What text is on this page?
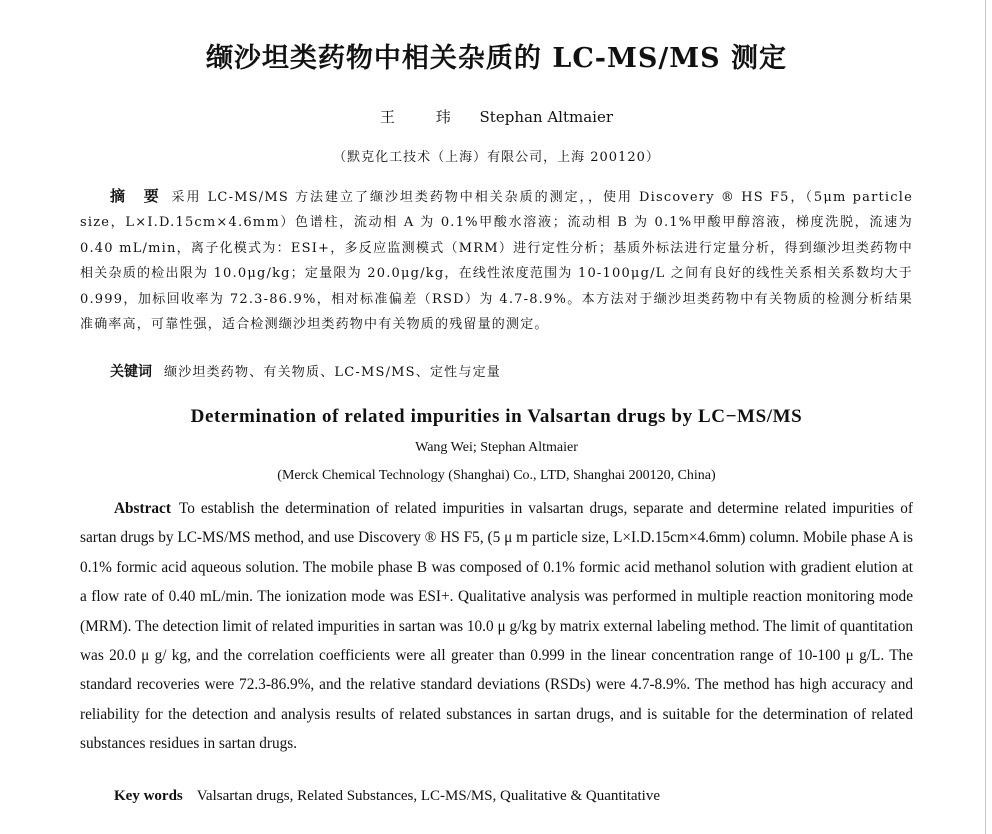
缬沙坦类药物中相关杂质的 LC-MS/MS 测定
王 玮 Stephan Altmaier
（默克化工技术（上海）有限公司，上海 200120）
摘 要 采用 LC-MS/MS 方法建立了缬沙坦类药物中相关杂质的测定，，使用 Discovery ® HS F5，（5μm particle size，L×I.D.15cm×4.6mm）色谱柱，流动相 A 为 0.1%甲酸水溶液；流动相 B 为 0.1%甲酸甲醇溶液，梯度洗脱，流速为 0.40 mL/min，离子化模式为：ESI+，多反应监测模式（MRM）进行定性分析；基质外标法进行定量分析，得到缬沙坦类药物中相关杂质的检出限为 10.0μg/kg；定量限为 20.0μg/kg，在线性浓度范围为 10-100μg/L 之间有良好的线性关系相关系数均大于 0.999，加标回收率为 72.3-86.9%，相对标准偏差（RSD）为 4.7-8.9%。本方法对于缬沙坦类药物中有关物质的检测分析结果准确率高，可靠性强，适合检测缬沙坦类药物中有关物质的残留量的测定。
关键词 缬沙坦类药物、有关物质、LC-MS/MS、定性与定量
Determination of related impurities in Valsartan drugs by LC−MS/MS
Wang Wei; Stephan Altmaier
(Merck Chemical Technology (Shanghai) Co., LTD, Shanghai 200120, China)
Abstract To establish the determination of related impurities in valsartan drugs, separate and determine related impurities of sartan drugs by LC-MS/MS method, and use Discovery ® HS F5, (5 μ m particle size, L×I.D.15cm×4.6mm) column. Mobile phase A is 0.1% formic acid aqueous solution. The mobile phase B was composed of 0.1% formic acid methanol solution with gradient elution at a flow rate of 0.40 mL/min. The ionization mode was ESI+. Qualitative analysis was performed in multiple reaction monitoring mode (MRM). The detection limit of related impurities in sartan was 10.0 μ g/kg by matrix external labeling method. The limit of quantitation was 20.0 μ g/ kg, and the correlation coefficients were all greater than 0.999 in the linear concentration range of 10-100 μ g/L. The standard recoveries were 72.3-86.9%, and the relative standard deviations (RSDs) were 4.7-8.9%. The method has high accuracy and reliability for the detection and analysis results of related substances in sartan drugs, and is suitable for the determination of related substances residues in sartan drugs.
Key words Valsartan drugs, Related Substances, LC-MS/MS, Qualitative & Quantitative
